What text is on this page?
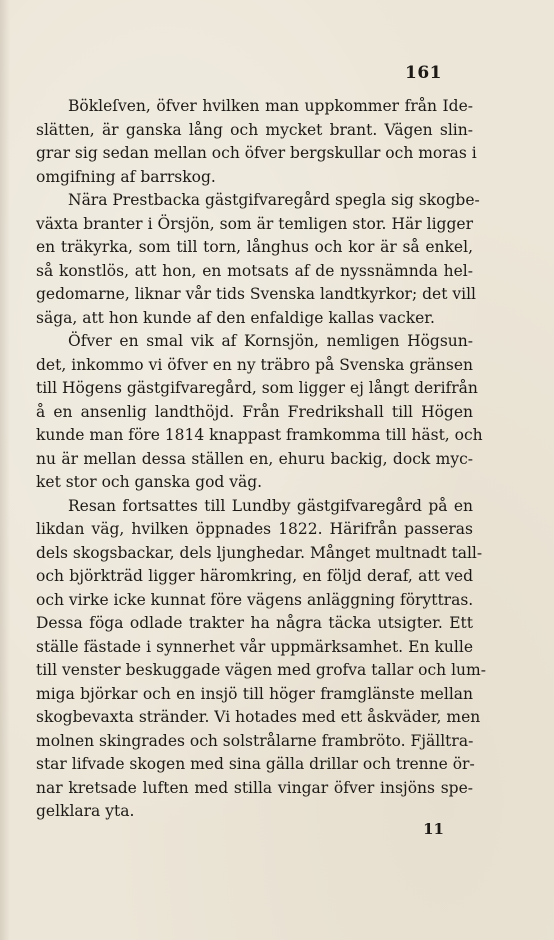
161
Bökleſven, öfver hvilken man uppkommer från Ide-
slätten, är ganska lång och mycket brant. Vägen slin-
grar sig sedan mellan och öfver bergskullar och moras i
omgifning af barrskog.
Nära Prestbacka gästgifvaregård spegla sig skogbe-
växta branter i Örsjön, som är temligen stor. Här ligger
en träkyrka, som till torn, långhus och kor är så enkel,
så konstlös, att hon, en motsats af de nyssnämnda hel-
gedomarne, liknar vår tids Svenska landtkyrkor; det vill
säga, att hon kunde af den enfaldige kallas vacker.
Öfver en smal vik af Kornsjön, nemligen Högsun-
det, inkommo vi öfver en ny träbro på Svenska gränsen
till Högens gästgifvaregård, som ligger ej långt derifrån
å en ansenlig landthöjd. Från Fredrikshall till Högen
kunde man före 1814 knappast framkomma till häst, och
nu är mellan dessa ställen en, ehuru backig, dock myc-
ket stor och ganska god väg.
Resan fortsattes till Lundby gästgifvaregård på en
likdan väg, hvilken öppnades 1822. Härifrån passeras
dels skogsbackar, dels ljunghedar. Månget multnadt tall-
och björkträd ligger häromkring, en följd deraf, att ved
och virke icke kunnat före vägens anläggning föryttras.
Dessa föga odlade trakter ha några täcka utsigter. Ett
ställe fästade i synnerhet vår uppmärksamhet. En kulle
till venster beskuggade vägen med grofva tallar och lum-
miga björkar och en insjö till höger framglänste mellan
skogbevaxta stränder. Vi hotades med ett åskväder, men
molnen skingrades och solstrålarne frambröto. Fjälltra-
star lifvade skogen med sina gälla drillar och trenne ör-
nar kretsade luften med stilla vingar öfver insjöns spe-
gelklara yta.
11
